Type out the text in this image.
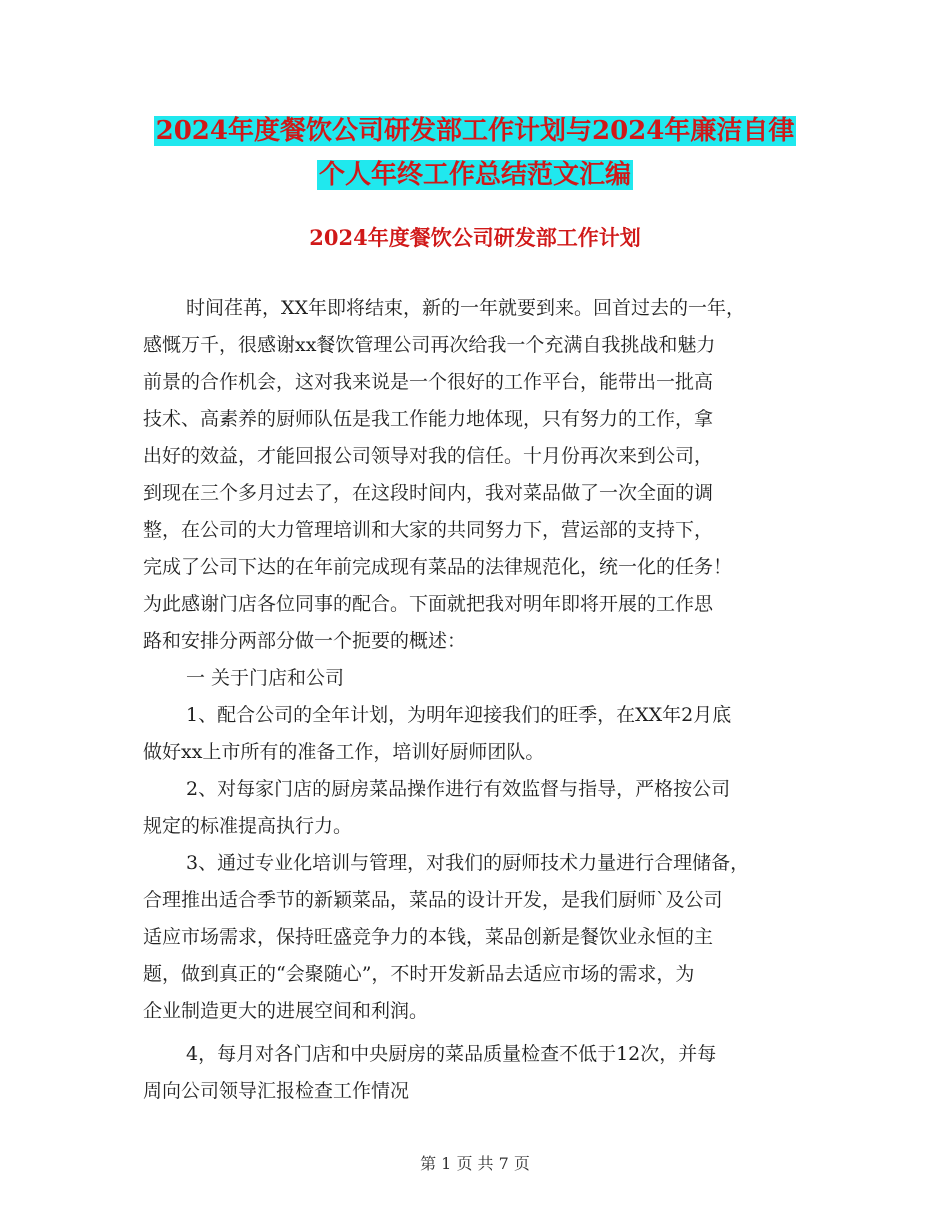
2024年度餐饮公司研发部工作计划与2024年廉洁自律
个人年终工作总结范文汇编
2024年度餐饮公司研发部工作计划
时间荏苒，XX年即将结束，新的一年就要到来。回首过去的一年，
感慨万千，很感谢xx餐饮管理公司再次给我一个充满自我挑战和魅力
前景的合作机会，这对我来说是一个很好的工作平台，能带出一批高
技术、高素养的厨师队伍是我工作能力地体现，只有努力的工作，拿
出好的效益，才能回报公司领导对我的信任。十月份再次来到公司，
到现在三个多月过去了，在这段时间内，我对菜品做了一次全面的调
整，在公司的大力管理培训和大家的共同努力下，营运部的支持下，
完成了公司下达的在年前完成现有菜品的法律规范化，统一化的任务！
为此感谢门店各位同事的配合。下面就把我对明年即将开展的工作思
路和安排分两部分做一个扼要的概述：
一 关于门店和公司
1、配合公司的全年计划，为明年迎接我们的旺季，在XX年2月底
做好xx上市所有的准备工作，培训好厨师团队。
2、对每家门店的厨房菜品操作进行有效监督与指导，严格按公司
规定的标准提高执行力。
3、通过专业化培训与管理，对我们的厨师技术力量进行合理储备，
合理推出适合季节的新颖菜品，菜品的设计开发，是我们厨师`及公司
适应市场需求，保持旺盛竞争力的本钱，菜品创新是餐饮业永恒的主
题，做到真正的“会聚随心”，不时开发新品去适应市场的需求，为
企业制造更大的进展空间和利润。
4，每月对各门店和中央厨房的菜品质量检查不低于12次，并每
周向公司领导汇报检查工作情况
第 1 页 共 7 页
